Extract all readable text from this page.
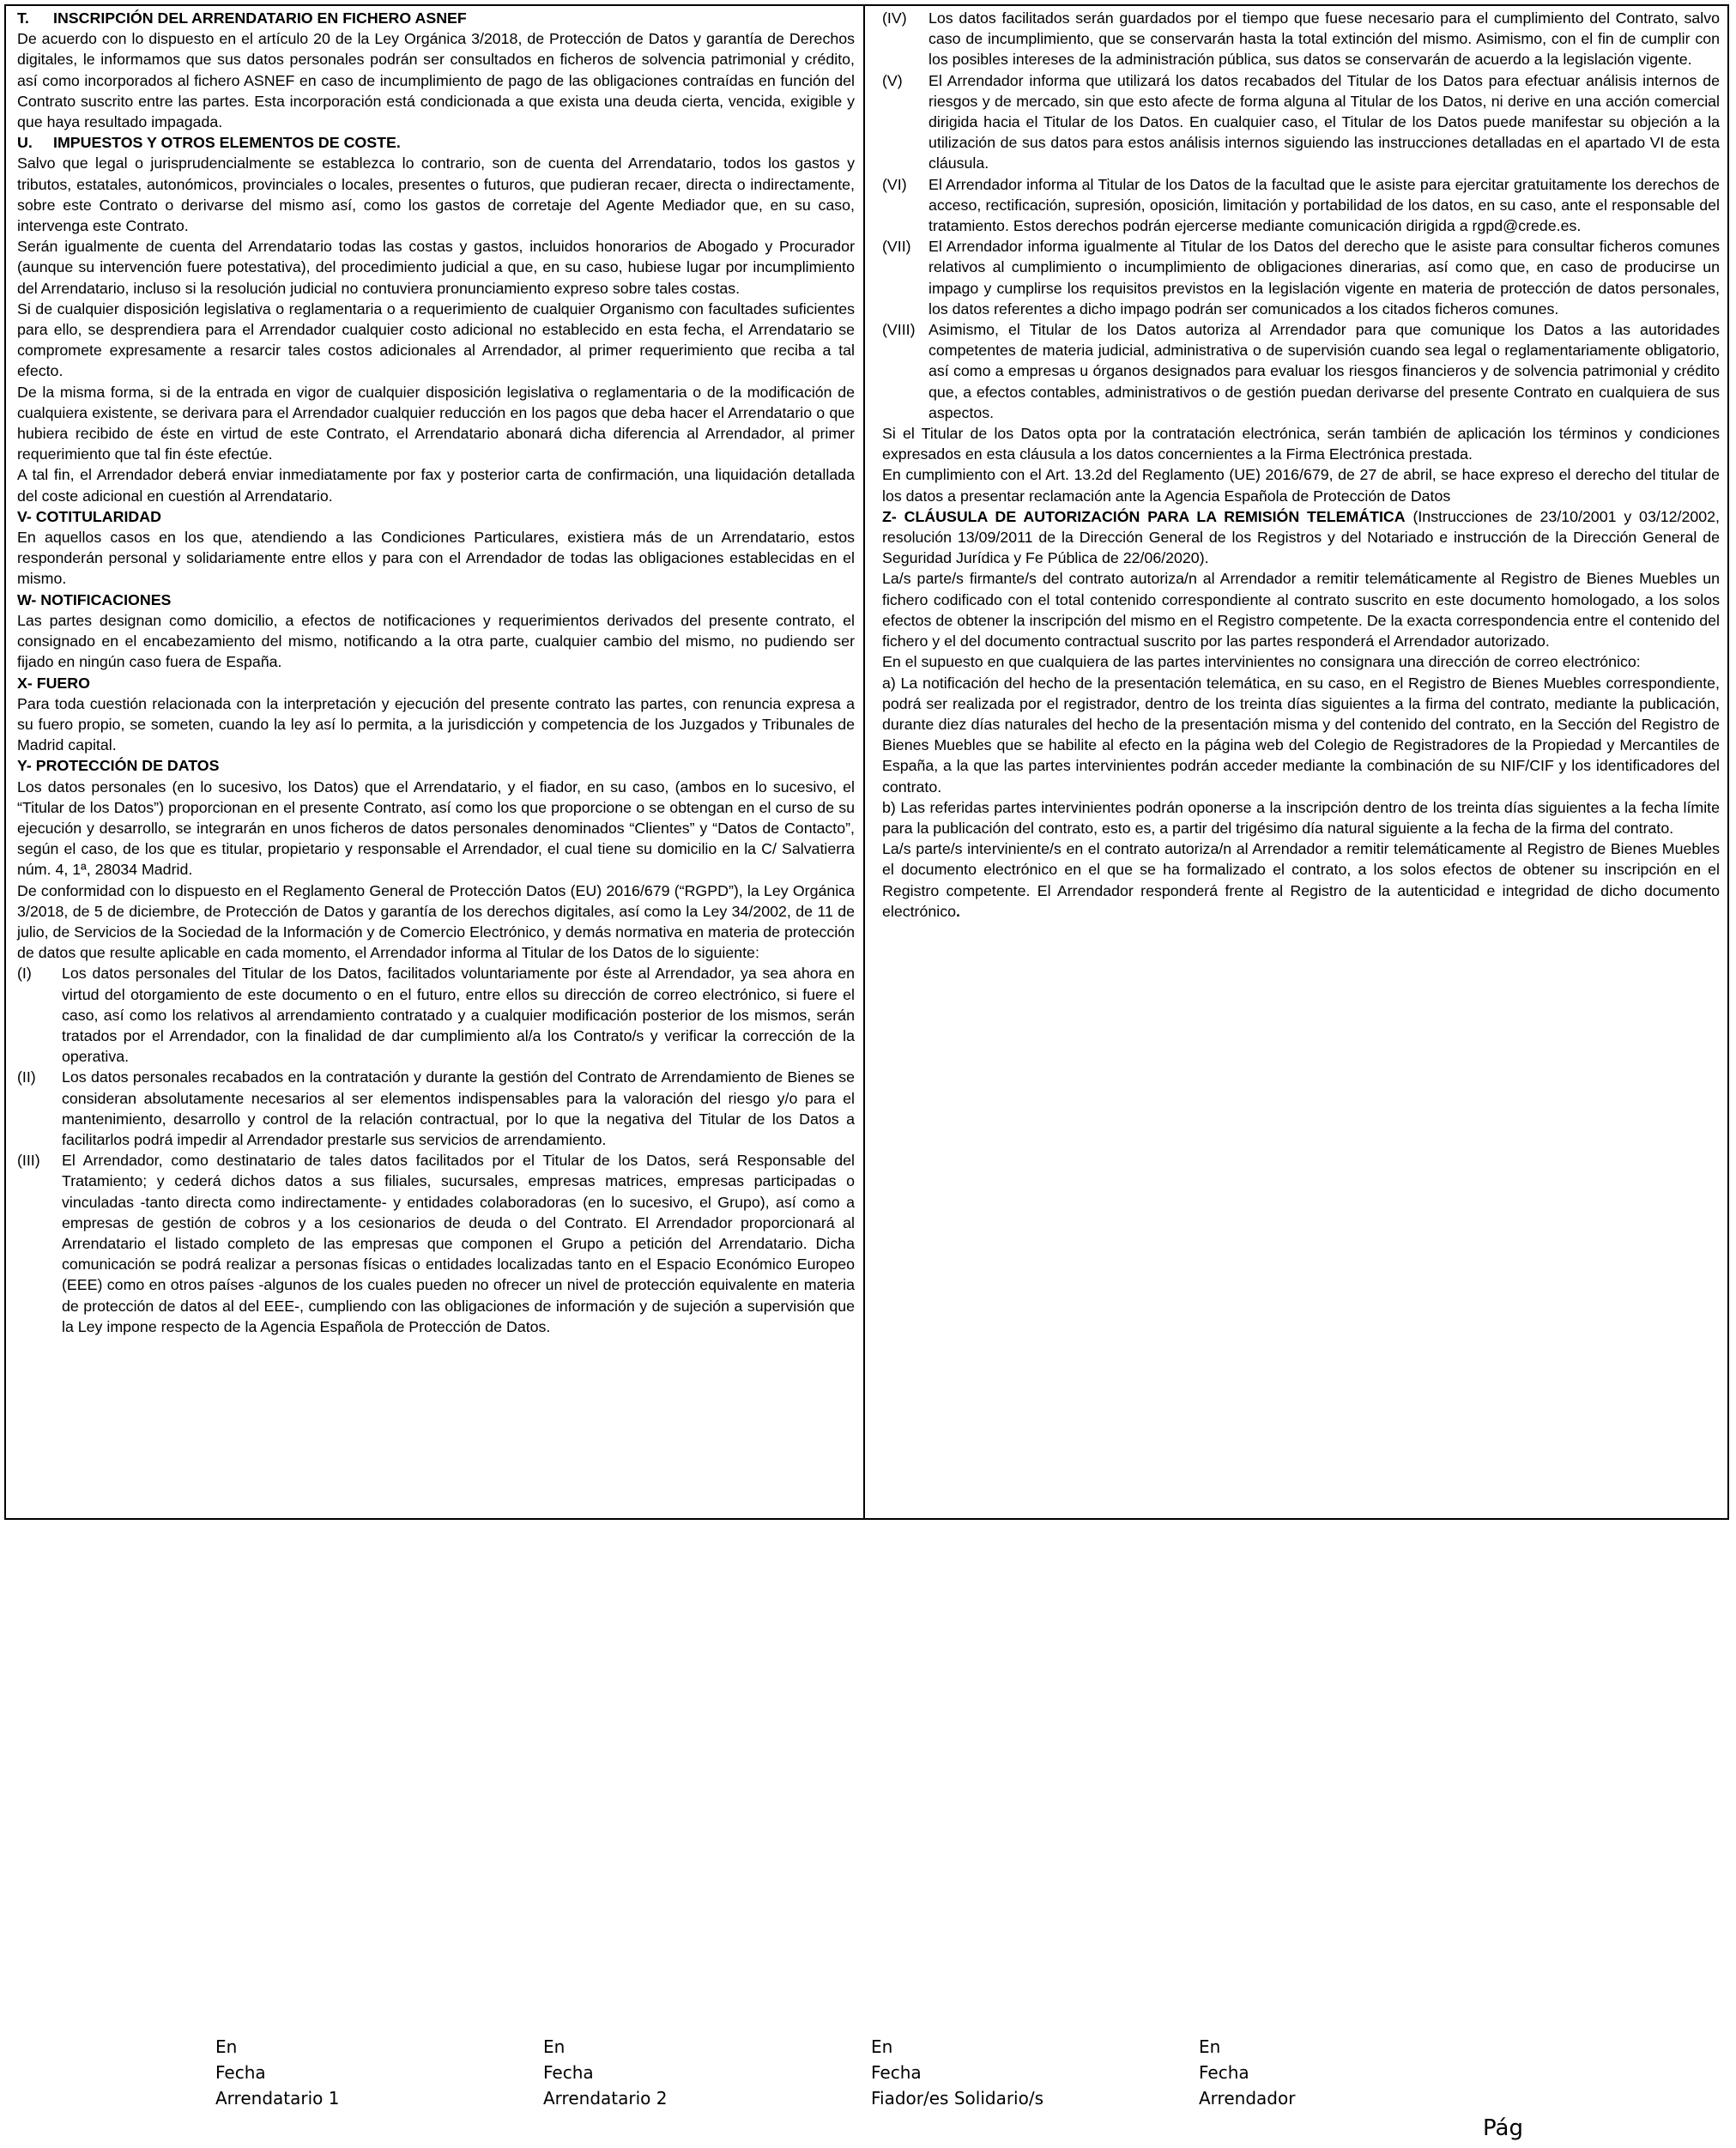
T. INSCRIPCIÓN DEL ARRENDATARIO EN FICHERO ASNEF

De acuerdo con lo dispuesto en el artículo 20 de la Ley Orgánica 3/2018, de Protección de Datos y garantía de Derechos digitales, le informamos que sus datos personales podrán ser consultados en ficheros de solvencia patrimonial y crédito, así como incorporados al fichero ASNEF en caso de incumplimiento de pago de las obligaciones contraídas en función del Contrato suscrito entre las partes. Esta incorporación está condicionada a que exista una deuda cierta, vencida, exigible y que haya resultado impagada.

U. IMPUESTOS Y OTROS ELEMENTOS DE COSTE.

Salvo que legal o jurisprudencialmente se establezca lo contrario, son de cuenta del Arrendatario, todos los gastos y tributos, estatales, autonómicos, provinciales o locales, presentes o futuros, que pudieran recaer, directa o indirectamente, sobre este Contrato o derivarse del mismo así, como los gastos de corretaje del Agente Mediador que, en su caso, intervenga este Contrato.

Serán igualmente de cuenta del Arrendatario todas las costas y gastos, incluidos honorarios de Abogado y Procurador (aunque su intervención fuere potestativa), del procedimiento judicial a que, en su caso, hubiese lugar por incumplimiento del Arrendatario, incluso si la resolución judicial no contuviera pronunciamiento expreso sobre tales costas.

Si de cualquier disposición legislativa o reglamentaria o a requerimiento de cualquier Organismo con facultades suficientes para ello, se desprendiera para el Arrendador cualquier costo adicional no establecido en esta fecha, el Arrendatario se compromete expresamente a resarcir tales costos adicionales al Arrendador, al primer requerimiento que reciba a tal efecto.

De la misma forma, si de la entrada en vigor de cualquier disposición legislativa o reglamentaria o de la modificación de cualquiera existente, se derivara para el Arrendador cualquier reducción en los pagos que deba hacer el Arrendatario o que hubiera recibido de éste en virtud de este Contrato, el Arrendatario abonará dicha diferencia al Arrendador, al primer requerimiento que tal fin éste efectúe.

A tal fin, el Arrendador deberá enviar inmediatamente por fax y posterior carta de confirmación, una liquidación detallada del coste adicional en cuestión al Arrendatario.

V- COTITULARIDAD

En aquellos casos en los que, atendiendo a las Condiciones Particulares, existiera más de un Arrendatario, estos responderán personal y solidariamente entre ellos y para con el Arrendador de todas las obligaciones establecidas en el mismo.

W- NOTIFICACIONES

Las partes designan como domicilio, a efectos de notificaciones y requerimientos derivados del presente contrato, el consignado en el encabezamiento del mismo, notificando a la otra parte, cualquier cambio del mismo, no pudiendo ser fijado en ningún caso fuera de España.

X- FUERO

Para toda cuestión relacionada con la interpretación y ejecución del presente contrato las partes, con renuncia expresa a su fuero propio, se someten, cuando la ley así lo permita, a la jurisdicción y competencia de los Juzgados y Tribunales de Madrid capital.

Y- PROTECCIÓN DE DATOS

Los datos personales (en lo sucesivo, los Datos) que el Arrendatario, y el fiador, en su caso, (ambos en lo sucesivo, el “Titular de los Datos”) proporcionan en el presente Contrato, así como los que proporcione o se obtengan en el curso de su ejecución y desarrollo, se integrarán en unos ficheros de datos personales denominados “Clientes” y “Datos de Contacto”, según el caso, de los que es titular, propietario y responsable el Arrendador, el cual tiene su domicilio en la C/ Salvatierra núm. 4, 1ª, 28034 Madrid.

De conformidad con lo dispuesto en el Reglamento General de Protección Datos (EU) 2016/679 (“RGPD”), la Ley Orgánica 3/2018, de 5 de diciembre, de Protección de Datos y garantía de los derechos digitales, así como la Ley 34/2002, de 11 de julio, de Servicios de la Sociedad de la Información y de Comercio Electrónico, y demás normativa en materia de protección de datos que resulte aplicable en cada momento, el Arrendador informa al Titular de los Datos de lo siguiente:

(I)	Los datos personales del Titular de los Datos, facilitados voluntariamente por éste al Arrendador, ya sea ahora en virtud del otorgamiento de este documento o en el futuro, entre ellos su dirección de correo electrónico, si fuere el caso, así como los relativos al arrendamiento contratado y a cualquier modificación posterior de los mismos, serán tratados por el Arrendador, con la finalidad de dar cumplimiento al/a los Contrato/s y verificar la corrección de la operativa.
(II)	Los datos personales recabados en la contratación y durante la gestión del Contrato de Arrendamiento de Bienes se consideran absolutamente necesarios al ser elementos indispensables para la valoración del riesgo y/o para el mantenimiento, desarrollo y control de la relación contractual, por lo que la negativa del Titular de los Datos a facilitarlos podrá impedir al Arrendador prestarle sus servicios de arrendamiento.
(III)	El Arrendador, como destinatario de tales datos facilitados por el Titular de los Datos, será Responsable del Tratamiento; y cederá dichos datos a sus filiales, sucursales, empresas matrices, empresas participadas o vinculadas -tanto directa como indirectamente- y entidades colaboradoras (en lo sucesivo, el Grupo), así como a empresas de gestión de cobros y a los cesionarios de deuda o del Contrato. El Arrendador proporcionará al Arrendatario el listado completo de las empresas que componen el Grupo a petición del Arrendatario. Dicha comunicación se podrá realizar a personas físicas o entidades localizadas tanto en el Espacio Económico Europeo (EEE) como en otros países -algunos de los cuales pueden no ofrecer un nivel de protección equivalente en materia de protección de datos al del EEE-, cumpliendo con las obligaciones de información y de sujeción a supervisión que la Ley impone respecto de la Agencia Española de Protección de Datos.
(IV)	Los datos facilitados serán guardados por el tiempo que fuese necesario para el cumplimiento del Contrato, salvo caso de incumplimiento, que se conservarán hasta la total extinción del mismo. Asimismo, con el fin de cumplir con los posibles intereses de la administración pública, sus datos se conservarán de acuerdo a la legislación vigente.
(V)	El Arrendador informa que utilizará los datos recabados del Titular de los Datos para efectuar análisis internos de riesgos y de mercado, sin que esto afecte de forma alguna al Titular de los Datos, ni derive en una acción comercial dirigida hacia el Titular de los Datos. En cualquier caso, el Titular de los Datos puede manifestar su objeción a la utilización de sus datos para estos análisis internos siguiendo las instrucciones detalladas en el apartado VI de esta cláusula.
(VI)	El Arrendador informa al Titular de los Datos de la facultad que le asiste para ejercitar gratuitamente los derechos de acceso, rectificación, supresión, oposición, limitación y portabilidad de los datos, en su caso, ante el responsable del tratamiento. Estos derechos podrán ejercerse mediante comunicación dirigida a rgpd@crede.es.
(VII)	El Arrendador informa igualmente al Titular de los Datos del derecho que le asiste para consultar ficheros comunes relativos al cumplimiento o incumplimiento de obligaciones dinerarias, así como que, en caso de producirse un impago y cumplirse los requisitos previstos en la legislación vigente en materia de protección de datos personales, los datos referentes a dicho impago podrán ser comunicados a los citados ficheros comunes.
(VIII) Asimismo, el Titular de los Datos autoriza al Arrendador para que comunique los Datos a las autoridades competentes de materia judicial, administrativa o de supervisión cuando sea legal o reglamentariamente obligatorio, así como a empresas u órganos designados para evaluar los riesgos financieros y de solvencia patrimonial y crédito que, a efectos contables, administrativos o de gestión puedan derivarse del presente Contrato en cualquiera de sus aspectos.

Si el Titular de los Datos opta por la contratación electrónica, serán también de aplicación los términos y condiciones expresados en esta cláusula a los datos concernientes a la Firma Electrónica prestada.

En cumplimiento con el Art. 13.2d del Reglamento (UE) 2016/679, de 27 de abril, se hace expreso el derecho del titular de los datos a presentar reclamación ante la Agencia Española de Protección de Datos

Z- CLÁUSULA DE AUTORIZACIÓN PARA LA REMISIÓN TELEMÁTICA (Instrucciones de 23/10/2001 y 03/12/2002, resolución 13/09/2011 de la Dirección General de los Registros y del Notariado e instrucción de la Dirección General de Seguridad Jurídica y Fe Pública de 22/06/2020).

La/s parte/s firmante/s del contrato autoriza/n al Arrendador a remitir telemáticamente al Registro de Bienes Muebles un fichero codificado con el total contenido correspondiente al contrato suscrito en este documento homologado, a los solos efectos de obtener la inscripción del mismo en el Registro competente. De la exacta correspondencia entre el contenido del fichero y el del documento contractual suscrito por las partes responderá el Arrendador autorizado.

En el supuesto en que cualquiera de las partes intervinientes no consignara una dirección de correo electrónico:

a) La notificación del hecho de la presentación telemática, en su caso, en el Registro de Bienes Muebles correspondiente, podrá ser realizada por el registrador, dentro de los treinta días siguientes a la firma del contrato, mediante la publicación, durante diez días naturales del hecho de la presentación misma y del contenido del contrato, en la Sección del Registro de Bienes Muebles que se habilite al efecto en la página web del Colegio de Registradores de la Propiedad y Mercantiles de España, a la que las partes intervinientes podrán acceder mediante la combinación de su NIF/CIF y los identificadores del contrato.

b) Las referidas partes intervinientes podrán oponerse a la inscripción dentro de los treinta días siguientes a la fecha límite para la publicación del contrato, esto es, a partir del trigésimo día natural siguiente a la fecha de la firma del contrato.

La/s parte/s interviniente/s en el contrato autoriza/n al Arrendador a remitir telemáticamente al Registro de Bienes Muebles el documento electrónico en el que se ha formalizado el contrato, a los solos efectos de obtener su inscripción en el Registro competente. El Arrendador responderá frente al Registro de la autenticidad e integridad de dicho documento electrónico.

En
Fecha
Arrendatario 1
En
Fecha
Arrendatario 2
En
Fecha
Fiador/es Solidario/s
En
Fecha
Arrendador
Pág
